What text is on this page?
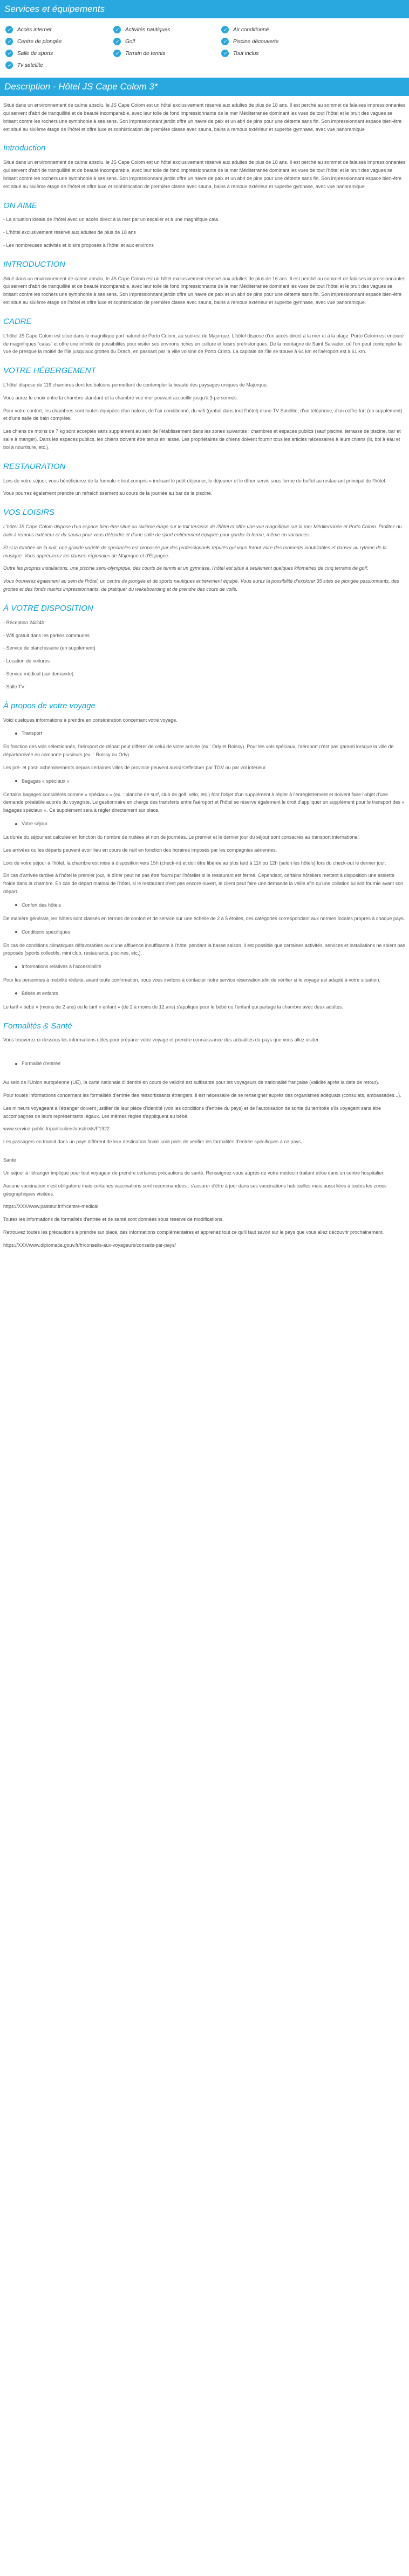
Services et équipements
✓	Accès internet	✓	Activités nautiques	✓	Air conditionné
✓	Centre de plongée	✓	Golf	✓	Piscine découverte
✓	Salle de sports	✓	Terrain de tennis	✓	Tout inclus
✓	Tv satellite
Description - Hôtel JS Cape Colom 3*

Situé dans un environnement de calme absolu, le JS Cape Colom est un hôtel exclusivement réservé aux adultes de plus de 18 ans. Il est perché au sommet de falaises impressionnantes qui servent d'abri de tranquillité et de beauté incomparable, avec leur toile de fond impressionnante de la mer Méditerranée dominant les vues de tout l'hôtel et le bruit des vagues se brisant contre les rochers une symphonie à ses sens. Son impressionnant jardin offre un havre de paix et un abri de pins pour une détente sans fin. Son impressionnant espace bien-être est situé au sixième étage de l'hôtel et offre luxe et sophistication de première classe avec sauna, bains à remous extérieur et superbe gymnase, avec vue panoramique

Introduction

Situé dans un environnement de calme absolu, le JS Cape Colom est un hôtel exclusivement réservé aux adultes de plus de 18 ans. Il est perché au sommet de falaises impressionnantes qui servent d'abri de tranquillité et de beauté incomparable, avec leur toile de fond impressionnante de la mer Méditerranée dominant les vues de tout l'hôtel et le bruit des vagues se brisant contre les rochers une symphonie à ses sens. Son impressionnant jardin offre un havre de paix et un abri de pins pour une détente sans fin. Son impressionnant espace bien-être est situé au sixième étage de l'hôtel et offre luxe et sophistication de première classe avec sauna, bains à remous extérieur et superbe gymnase, avec vue panoramique

ON AIME

- La situation idéale de l'hôtel avec un accès direct à la mer par un escalier et à une magnifique cala.

- L'hôtel exclusivement réservé aux adultes de plus de 18 ans

- Les nombreuses activités et loisirs proposés à l'hôtel et aux environs

INTRODUCTION

Situé dans un environnement de calme absolu, le JS Cape Colom est un hôtel exclusivement réservé aux adultes de plus de 16 ans. Il est perché au sommet de falaises impressionnantes qui servent d'abri de tranquillité et de beauté incomparable, avec leur toile de fond impressionnante de la mer Méditerranée dominant les vues de tout l'hôtel et le bruit des vagues se brisant contre les rochers une symphonie à ses sens. Son impressionnant jardin offre un havre de paix et un abri de pins pour une détente sans fin. Son impressionnant espace bien-être est situé au sixième étage de l'hôtel et offre luxe et sophistication de première classe avec sauna, bains à remous extérieur et superbe gymnase, avec vue panoramique.

CADRE

L'hôtel JS Cape Colom est situé dans le magnifique port naturel de Porto Colom, au sud-est de Majorque. L'hôtel dispose d'un accès direct à la mer et à la plage. Porto Colom est entouré de magnifiques "calas" et offre une infinité de possibilités pour visiter ses environs riches en culture et loisirs préhistoriques. De la montagne de Saint Salvador, où l'on peut contempler la vue de presque la moitié de l'île jusqu'aux grottes du Drach, en passant par la ville voisine de Porto Cristo. La capitale de l'île se trouve à 64 km et l'aéroport est à 61 km.

VOTRE HÉBERGEMENT

L'hôtel dispose de 119 chambres dont les balcons permettent de contempler la beauté des paysages uniques de Majorque.

Vous aurez le choix entre la chambre standard et la chambre vue mer pouvant accueillir jusqu'à 3 personnes.

Pour votre confort, les chambres sont toutes équipées d'un balcon, de l'air conditionné, du wifi (gratuit dans tout l'hôtel) d'une TV Satellite, d'un téléphone, d'un coffre-fort (en supplément) et d'une salle de bain complète.

Les chiens de moins de 7 kg sont acceptés sans supplément au sein de l'établissement dans les zones suivantes : chambres et espaces publics (sauf piscine, terrasse de piscine, bar et salle à manger). Dans les espaces publics, les chiens doivent être tenus en laisse. Les propriétaires de chiens doivent fournir tous les articles nécessaires à leurs chiens (lit, bol à eau et bol à nourriture, etc.).

RESTAURATION

Lors de votre séjour, vous bénéficierez de la formule « tout compris » incluant le petit-déjeuner, le déjeuner et le dîner servis sous forme de buffet au restaurant principal de l'hôtel.

Vous pourrez également prendre un rafraîchissement au cours de la journée au bar de la piscine.

VOS LOISIRS

L'hôtel JS Cape Colom dispose d'un espace bien-être situé au sixième étage sur le toit terrasse de l'hôtel et offre une vue magnifique sur la mer Méditerranée et Porto Colom. Profitez du bain à remous extérieur et du sauna pour vous détendre et d'une salle de sport entièrement équipée pour garder la forme, même en vacances.

Et si la tombée de la nuit, une grande variété de spectacles est proposée par des professionnels réputés qui vous feront vivre des moments inoubliables et danser au rythme de la musique. Vous apprécierez les danses régionales de Majorque et d'Espagne.

Outre les propres installations, une piscine semi-olympique, des courts de tennis et un gymnase, l'hôtel est situé à seulement quelques kilomètres de cinq terrains de golf.

Vous trouverez également au sein de l'hôtel, un centre de plongée et de sports nautiques entièrement équipé. Vous aurez la possibilité d'explorer 35 sites de plongée passionnants, des grottes et des fonds marins impressionnants, de pratiquer du wakeboarding et de prendre des cours de voile.

À VOTRE DISPOSITION

- Réception 24/24h

- Wifi gratuit dans les parties communes

- Service de blanchisserie (en supplément)

- Location de voitures

- Service médical (sur demande)

- Salle TV

À propos de votre voyage

Voici quelques informations à prendre en considération concernant votre voyage.

Transport

En fonction des vols sélectionnés, l'aéroport de départ peut différer de celui de votre arrivée (ex : Orly et Roissy). Pour les vols spéciaux, l'aéroport n'est pas garanti lorsque la ville de départ/arrivée en comporte plusieurs (ex. : Roissy ou Orly).

Les pré- et post- acheminements depuis certaines villes de province peuvent aussi s'effectuer par TGV ou par vol intérieur.

Bagages « spéciaux »

Certains bagages considérés comme « spéciaux » (ex. : planche de surf, club de golf, vélo, etc.) font l'objet d'un supplément à régler à l'enregistrement et doivent faire l'objet d'une demande préalable auprès du voyagiste. Le gestionnaire en charge des transferts entre l'aéroport et l'hôtel se réserve également le droit d'appliquer un supplément pour le transport des « bagages spéciaux ». Ce supplément sera à régler directement sur place.

Votre séjour

La durée du séjour est calculée en fonction du nombre de nuitées et non de journées. Le premier et le dernier jour du séjour sont consacrés au transport international.

Les arrivées ou les départs peuvent avoir lieu en cours de nuit en fonction des horaires imposés par les compagnies aériennes.

Lors de votre séjour à l'hôtel, la chambre est mise à disposition vers 15h (check-in) et doit être libérée au plus tard à 11h ou 12h (selon les hôtels) lors du check-out le dernier jour.

En cas d'arrivée tardive à l'hôtel le premier jour, le dîner peut ne pas être fourni par l'hôtelier si le restaurant est fermé. Cependant, certains hôteliers mettent à disposition une assiette froide dans la chambre. En cas de départ matinal de l'hôtel, si le restaurant n'est pas encore ouvert, le client peut faire une demande la veille afin qu'une collation lui soit fournie avant son départ.

Confort des hôtels

De manière générale, les hôtels sont classés en termes de confort et de service sur une échelle de 2 à 5 étoiles, ces catégories correspondant aux normes locales propres à chaque pays.

Conditions spécifiques

En cas de conditions climatiques défavorables ou d'une affluence insuffisante à l'hôtel pendant la basse saison, il est possible que certaines activités, services et installations ne soient pas proposés (sports collectifs, mini club, restaurants, piscines, etc.).

Informations relatives à l'accessibilité

Pour les personnes à mobilité réduite, avant toute confirmation, nous vous invitons à contacter notre service réservation afin de vérifier si le voyage est adapté à votre situation.

Bébés et enfants

Le tarif « bébé » (moins de 2 ans) ou le tarif « enfant » (de 2 à moins de 12 ans) s'applique pour le bébé ou l'enfant qui partage la chambre avec deux adultes.

Formalités & Santé

Vous trouverez ci-dessous les informations utiles pour préparer votre voyage et prendre connaissance des actualités du pays que vous allez visiter.

Formalité d'entrée

Au sein de l'Union européenne (UE), la carte nationale d'identité en cours de validité est suffisante pour les voyageurs de nationalité française (validité après la date de retour).

Pour toutes informations concernant les formalités d'entrée des ressortissants étrangers, il est nécessaire de se renseigner auprès des organismes adéquats (consulats, ambassades...).

Les mineurs voyageant à l'étranger doivent justifier de leur pièce d'identité (voir les conditions d'entrée du pays) et de l'autorisation de sortie du territoire s'ils voyagent sans être accompagnés de leurs représentants légaux. Les mêmes règles s'appliquent au bébé.

www.service-public.fr/particuliers/vosdroits/F1922

Les passagers en transit dans un pays différent de leur destination finale sont priés de vérifier les formalités d'entrée spécifiques à ce pays.

Santé

Un séjour à l'étranger implique pour tout voyageur de prendre certaines précautions de santé. Renseignez-vous auprès de votre médecin traitant et/ou dans un centre hospitalier.

Aucune vaccination n'est obligatoire mais certaines vaccinations sont recommandées : s'assurer d'être à jour dans ses vaccinations habituelles mais aussi liées à toutes les zones géographiques visitées.

https://XXX/www.pasteur.fr/fr/centre-medical

Toutes les informations de formalités d'entrée et de santé sont données sous réserve de modifications.

Retrouvez toutes les précautions à prendre sur place, des informations complémentaires et apprenez tout ce qu'il faut savoir sur le pays que vous allez découvrir prochainement.

https://XXX/www.diplomatie.gouv.fr/fr/conseils-aux-voyageurs/conseils-par-pays/
